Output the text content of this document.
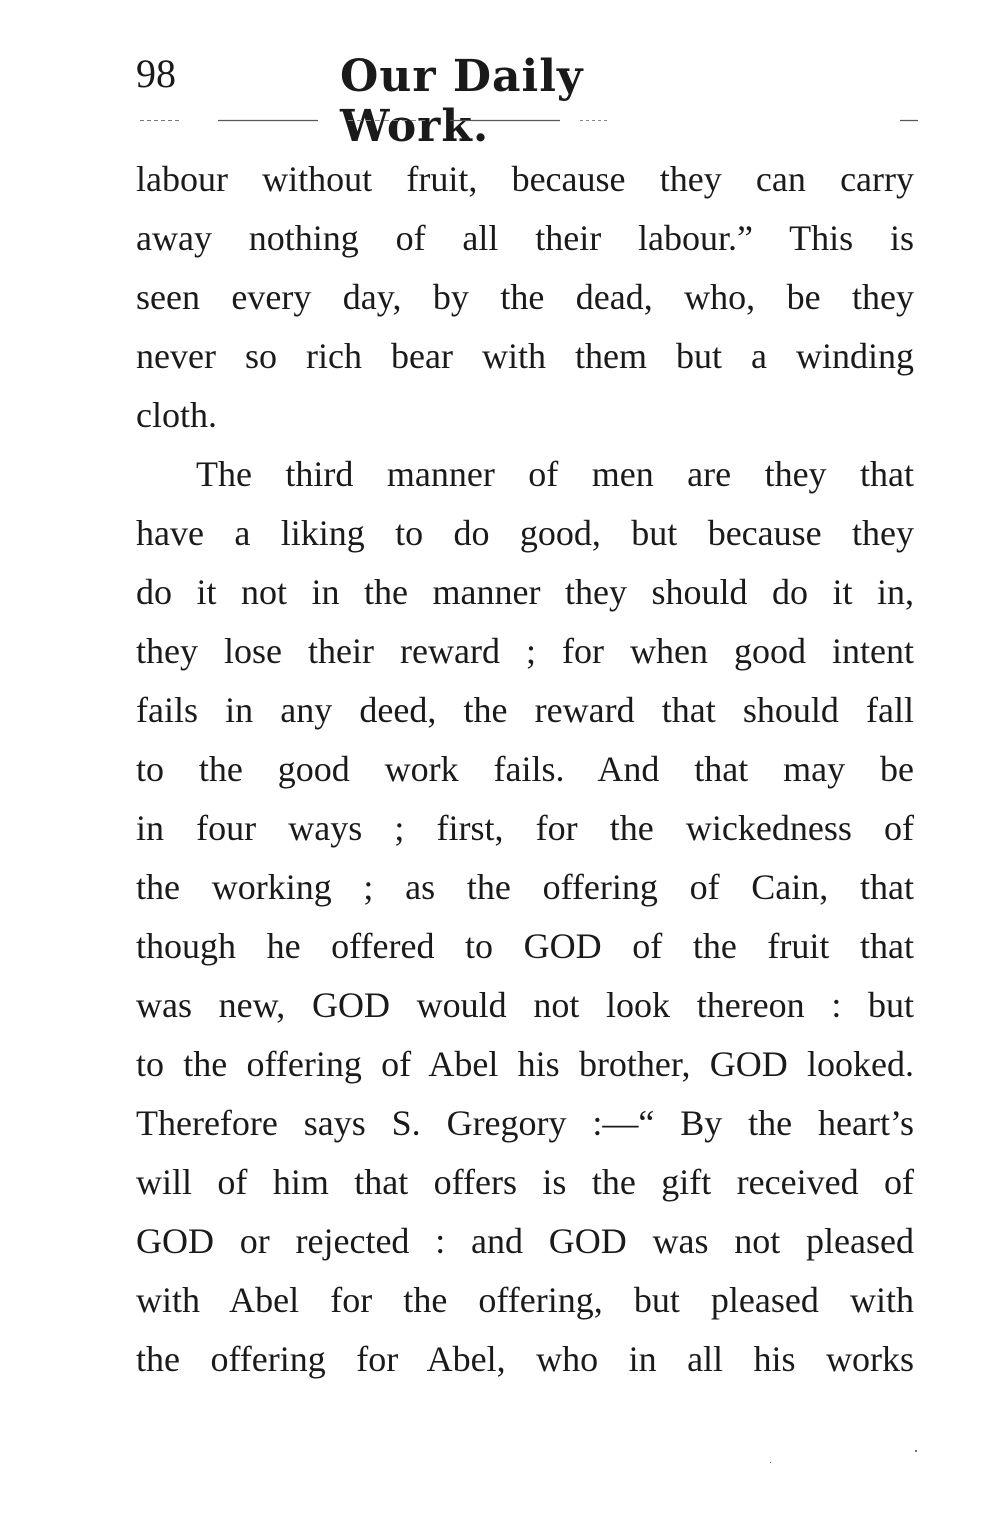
98	Our Daily Work.
labour without fruit, because they can carry
away nothing of all their labour.” This is
seen every day, by the dead, who, be they
never so rich bear with them but a winding
cloth.
The third manner of men are they that
have a liking to do good, but because they
do it not in the manner they should do it in,
they lose their reward ; for when good intent
fails in any deed, the reward that should fall
to the good work fails. And that may be
in four ways ; first, for the wickedness of
the working ; as the offering of Cain, that
though he offered to GOD of the fruit that
was new, GOD would not look thereon : but
to the offering of Abel his brother, GOD looked.
Therefore says S. Gregory :—“ By the heart’s
will of him that offers is the gift received of
GOD or rejected : and GOD was not pleased
with Abel for the offering, but pleased with
the offering for Abel, who in all his works
